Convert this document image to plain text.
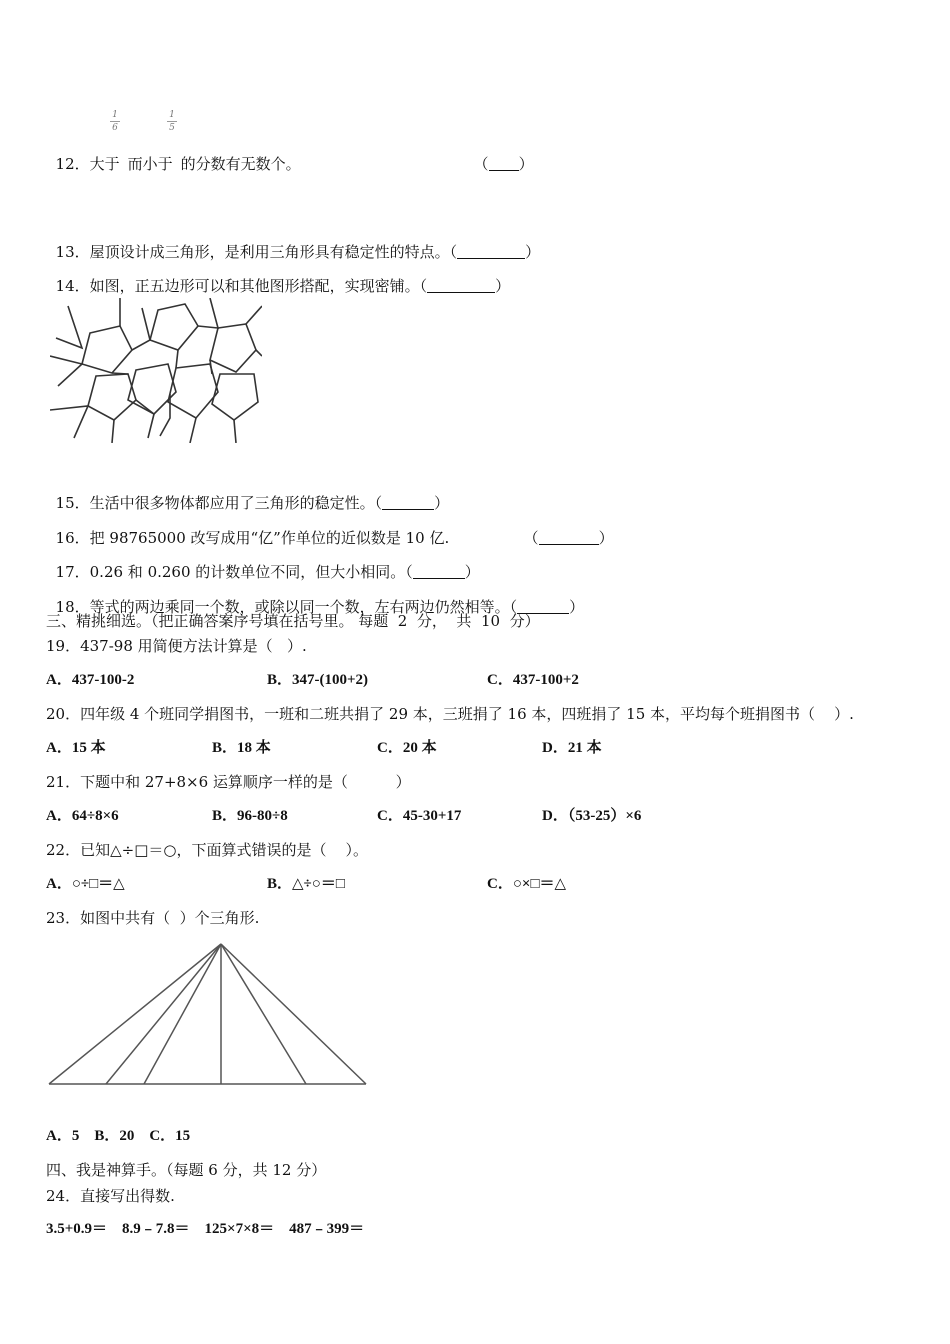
12．大于 而小于 的分数有无数个。

1
6
1
5

（ ）

13．屋顶设计成三角形，是利用三角形具有稳定性的特点。（	）

14．如图，正五边形可以和其他图形搭配，实现密铺。（	）

15．生活中很多物体都应用了三角形的稳定性。（	）

16．把 98765000 改写成用“亿”作单位的近似数是 10 亿.	（	）

17．0.26 和 0.260 的计数单位不同，但大小相同。（	）

18．等式的两边乘同一个数，或除以同一个数，左右两边仍然相等。（	）

三、精挑细选。（把正确答案序号填在括号里。 每题  2  分，  共  10  分）
19．437-98 用简便方法计算是（   ）.
A．437-100-2	B．347-(100+2)	C．437-100+2
20．四年级 4 个班同学捐图书，一班和二班共捐了 29 本，三班捐了 16 本，四班捐了 15 本，平均每个班捐图书（    ）.
A．15 本	B．18 本	C．20 本	D．21 本
21．下题中和 27+8×6 运算顺序一样的是（          ）
A．64÷8×6	B．96-80÷8	C．45-30+17	D．（53-25）×6
22．已知△÷□＝○，下面算式错误的是（    ）。
A．○÷□＝△	B．△÷○＝□	C．○×□＝△
23．如图中共有（  ）个三角形.
A．5    B．20    C．15
四、我是神算手。（每题 6 分，共 12 分）
24．直接写出得数.
3.5+0.9＝    8.9﹣7.8＝    125×7×8＝    487﹣399＝
